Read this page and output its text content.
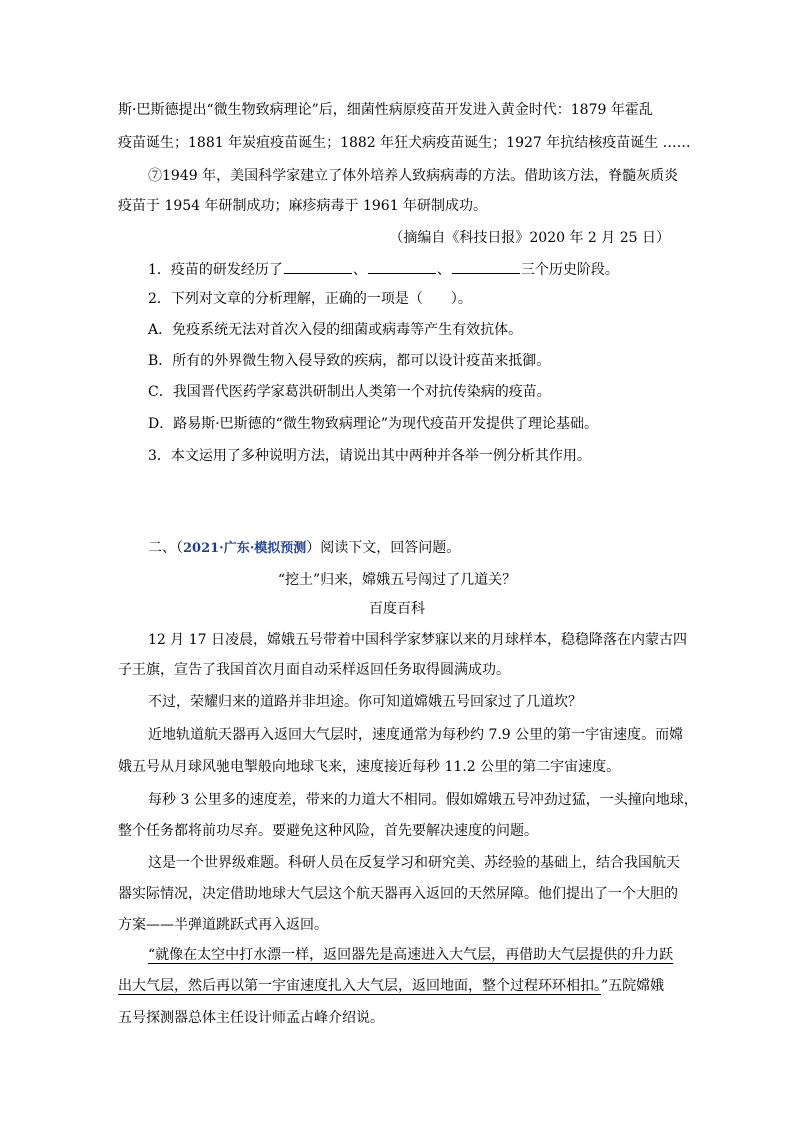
斯·巴斯德提出“微生物致病理论”后，细菌性病原疫苗开发进入黄金时代：1879 年霍乱
疫苗诞生；1881 年炭疽疫苗诞生；1882 年狂犬病疫苗诞生；1927 年抗结核疫苗诞生 ……
⑦1949 年，美国科学家建立了体外培养人致病病毒的方法。借助该方法，脊髓灰质炎
疫苗于 1954 年研制成功；麻疹病毒于 1961 年研制成功。
（摘编自《科技日报》2020 年 2 月 25 日）
1．疫苗的研发经历了	、	、	三个历史阶段。
2．下列对文章的分析理解，正确的一项是（　　）。
A．免疫系统无法对首次入侵的细菌或病毒等产生有效抗体。
B．所有的外界微生物入侵导致的疾病，都可以设计疫苗来抵御。
C．我国晋代医药学家葛洪研制出人类第一个对抗传染病的疫苗。
D．路易斯·巴斯德的“微生物致病理论”为现代疫苗开发提供了理论基础。
3．本文运用了多种说明方法，请说出其中两种并各举一例分析其作用。
二、（2021·广东·模拟预测）阅读下文，回答问题。
“挖土”归来，嫦娥五号闯过了几道关？
百度百科
12 月 17 日凌晨，嫦娥五号带着中国科学家梦寐以来的月球样本，稳稳降落在内蒙古四
子王旗，宣告了我国首次月面自动采样返回任务取得圆满成功。
不过，荣耀归来的道路并非坦途。你可知道嫦娥五号回家过了几道坎？
近地轨道航天器再入返回大气层时，速度通常为每秒约 7.9 公里的第一宇宙速度。而嫦
娥五号从月球风驰电掣般向地球飞来，速度接近每秒 11.2 公里的第二宇宙速度。
每秒 3 公里多的速度差，带来的力道大不相同。假如嫦娥五号冲劲过猛，一头撞向地球，
整个任务都将前功尽弃。要避免这种风险，首先要解决速度的问题。
这是一个世界级难题。科研人员在反复学习和研究美、苏经验的基础上，结合我国航天
器实际情况，决定借助地球大气层这个航天器再入返回的天然屏障。他们提出了一个大胆的
方案——半弹道跳跃式再入返回。
“就像在太空中打水漂一样，返回器先是高速进入大气层，再借助大气层提供的升力跃
出大气层，然后再以第一宇宙速度扎入大气层，返回地面，整个过程环环相扣。”五院嫦娥
五号探测器总体主任设计师孟占峰介绍说。
